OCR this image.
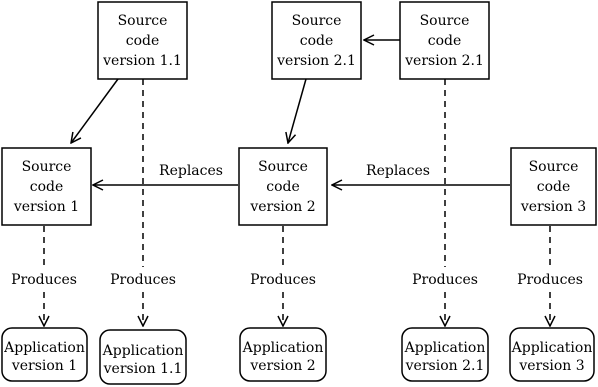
Replaces	Replaces
Produces Produces	Produces	Produces	Produces
Source
code
version 1.1
Source
code
version 2.1
Source
code
version 2.1
Source
code
version 1
Source
code
version 2
Source
code
version 3
Application
version 1
Application
version 1.1
Application
version 2
Application
version 2.1
Application
version 3
